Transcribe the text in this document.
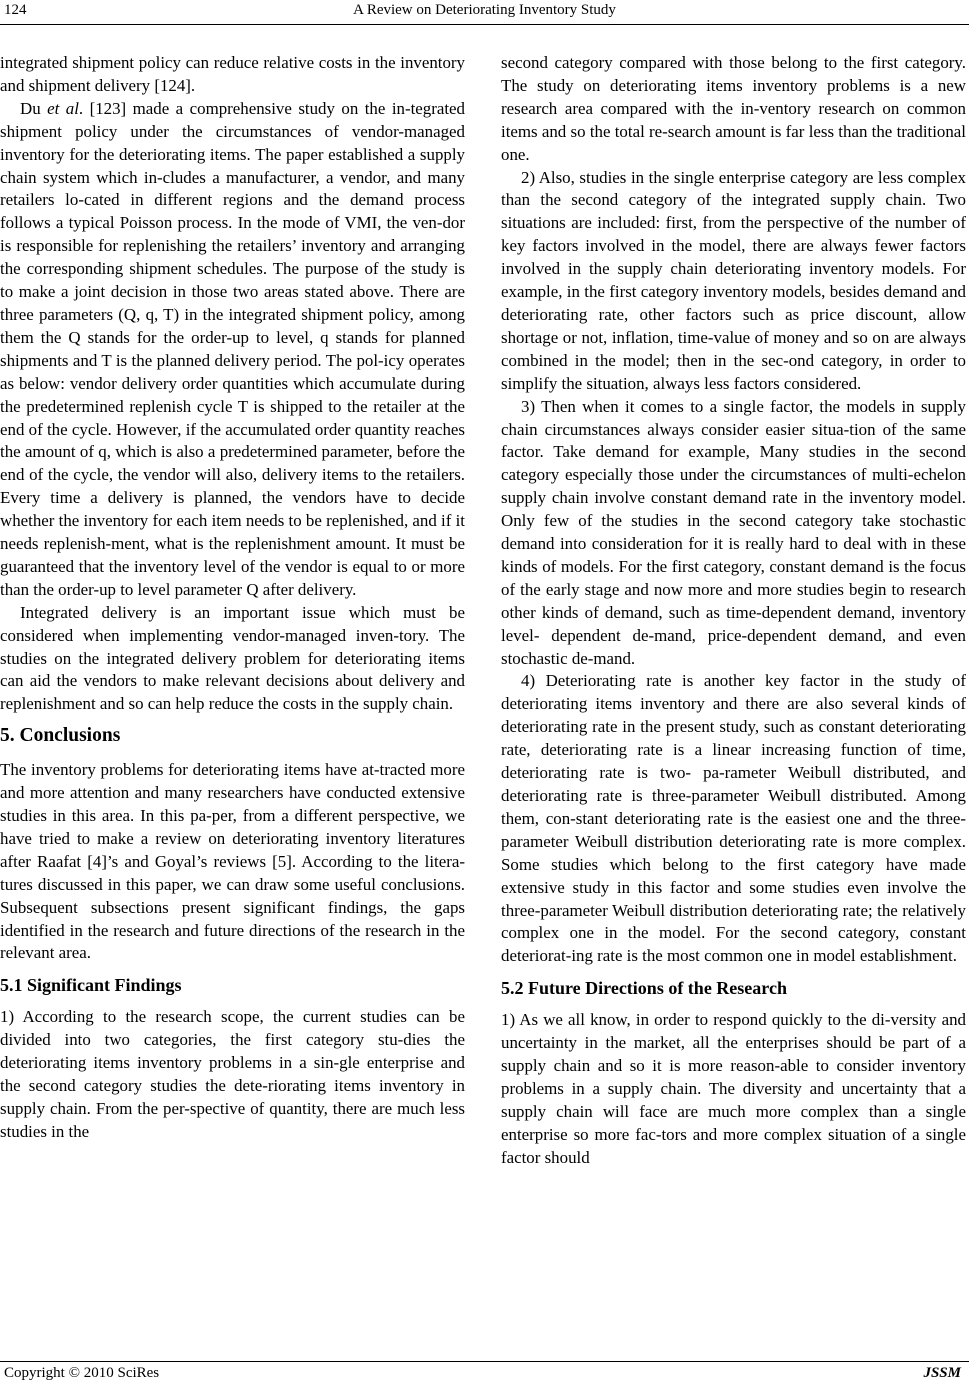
124	A Review on Deteriorating Inventory Study

integrated shipment policy can reduce relative costs in the inventory and shipment delivery [124].

Du et al. [123] made a comprehensive study on the in-tegrated shipment policy under the circumstances of vendor-managed inventory for the deteriorating items. The paper established a supply chain system which in-cludes a manufacturer, a vendor, and many retailers lo-cated in different regions and the demand process follows a typical Poisson process. In the mode of VMI, the ven-dor is responsible for replenishing the retailers’ inventory and arranging the corresponding shipment schedules. The purpose of the study is to make a joint decision in those two areas stated above. There are three parameters (Q, q, T) in the integrated shipment policy, among them the Q stands for the order-up to level, q stands for planned shipments and T is the planned delivery period. The pol-icy operates as below: vendor delivery order quantities which accumulate during the predetermined replenish cycle T is shipped to the retailer at the end of the cycle. However, if the accumulated order quantity reaches the amount of q, which is also a predetermined parameter, before the end of the cycle, the vendor will also, delivery items to the retailers. Every time a delivery is planned, the vendors have to decide whether the inventory for each item needs to be replenished, and if it needs replenish-ment, what is the replenishment amount. It must be guaranteed that the inventory level of the vendor is equal to or more than the order-up to level parameter Q after delivery.

Integrated delivery is an important issue which must be considered when implementing vendor-managed inven-tory. The studies on the integrated delivery problem for deteriorating items can aid the vendors to make relevant decisions about delivery and replenishment and so can help reduce the costs in the supply chain.

5. Conclusions

The inventory problems for deteriorating items have at-tracted more and more attention and many researchers have conducted extensive studies in this area. In this pa-per, from a different perspective, we have tried to make a review on deteriorating inventory literatures after Raafat [4]’s and Goyal’s reviews [5]. According to the litera-tures discussed in this paper, we can draw some useful conclusions. Subsequent subsections present significant findings, the gaps identified in the research and future directions of the research in the relevant area.

5.1 Significant Findings

1) According to the research scope, the current studies can be divided into two categories, the first category stu-dies the deteriorating items inventory problems in a sin-gle enterprise and the second category studies the dete-riorating items inventory in supply chain. From the per-spective of quantity, there are much less studies in the

second category compared with those belong to the first category. The study on deteriorating items inventory problems is a new research area compared with the in-ventory research on common items and so the total re-search amount is far less than the traditional one.

2) Also, studies in the single enterprise category are less complex than the second category of the integrated supply chain. Two situations are included: first, from the perspective of the number of key factors involved in the model, there are always fewer factors involved in the supply chain deteriorating inventory models. For example, in the first category inventory models, besides demand and deteriorating rate, other factors such as price discount, allow shortage or not, inflation, time-value of money and so on are always combined in the model; then in the sec-ond category, in order to simplify the situation, always less factors considered.

3) Then when it comes to a single factor, the models in supply chain circumstances always consider easier situa-tion of the same factor. Take demand for example, Many studies in the second category especially those under the circumstances of multi-echelon supply chain involve constant demand rate in the inventory model. Only few of the studies in the second category take stochastic demand into consideration for it is really hard to deal with in these kinds of models. For the first category, constant demand is the focus of the early stage and now more and more studies begin to research other kinds of demand, such as time-dependent demand, inventory level- dependent de-mand, price-dependent demand, and even stochastic de-mand.

4) Deteriorating rate is another key factor in the study of deteriorating items inventory and there are also several kinds of deteriorating rate in the present study, such as constant deteriorating rate, deteriorating rate is a linear increasing function of time, deteriorating rate is two- pa-rameter Weibull distributed, and deteriorating rate is three-parameter Weibull distributed. Among them, con-stant deteriorating rate is the easiest one and the three-parameter Weibull distribution deteriorating rate is more complex. Some studies which belong to the first category have made extensive study in this factor and some studies even involve the three-parameter Weibull distribution deteriorating rate; the relatively complex one in the model. For the second category, constant deteriorat-ing rate is the most common one in model establishment.

5.2 Future Directions of the Research

1) As we all know, in order to respond quickly to the di-versity and uncertainty in the market, all the enterprises should be part of a supply chain and so it is more reason-able to consider inventory problems in a supply chain. The diversity and uncertainty that a supply chain will face are much more complex than a single enterprise so more fac-tors and more complex situation of a single factor should

Copyright © 2010 SciRes	JSSM
